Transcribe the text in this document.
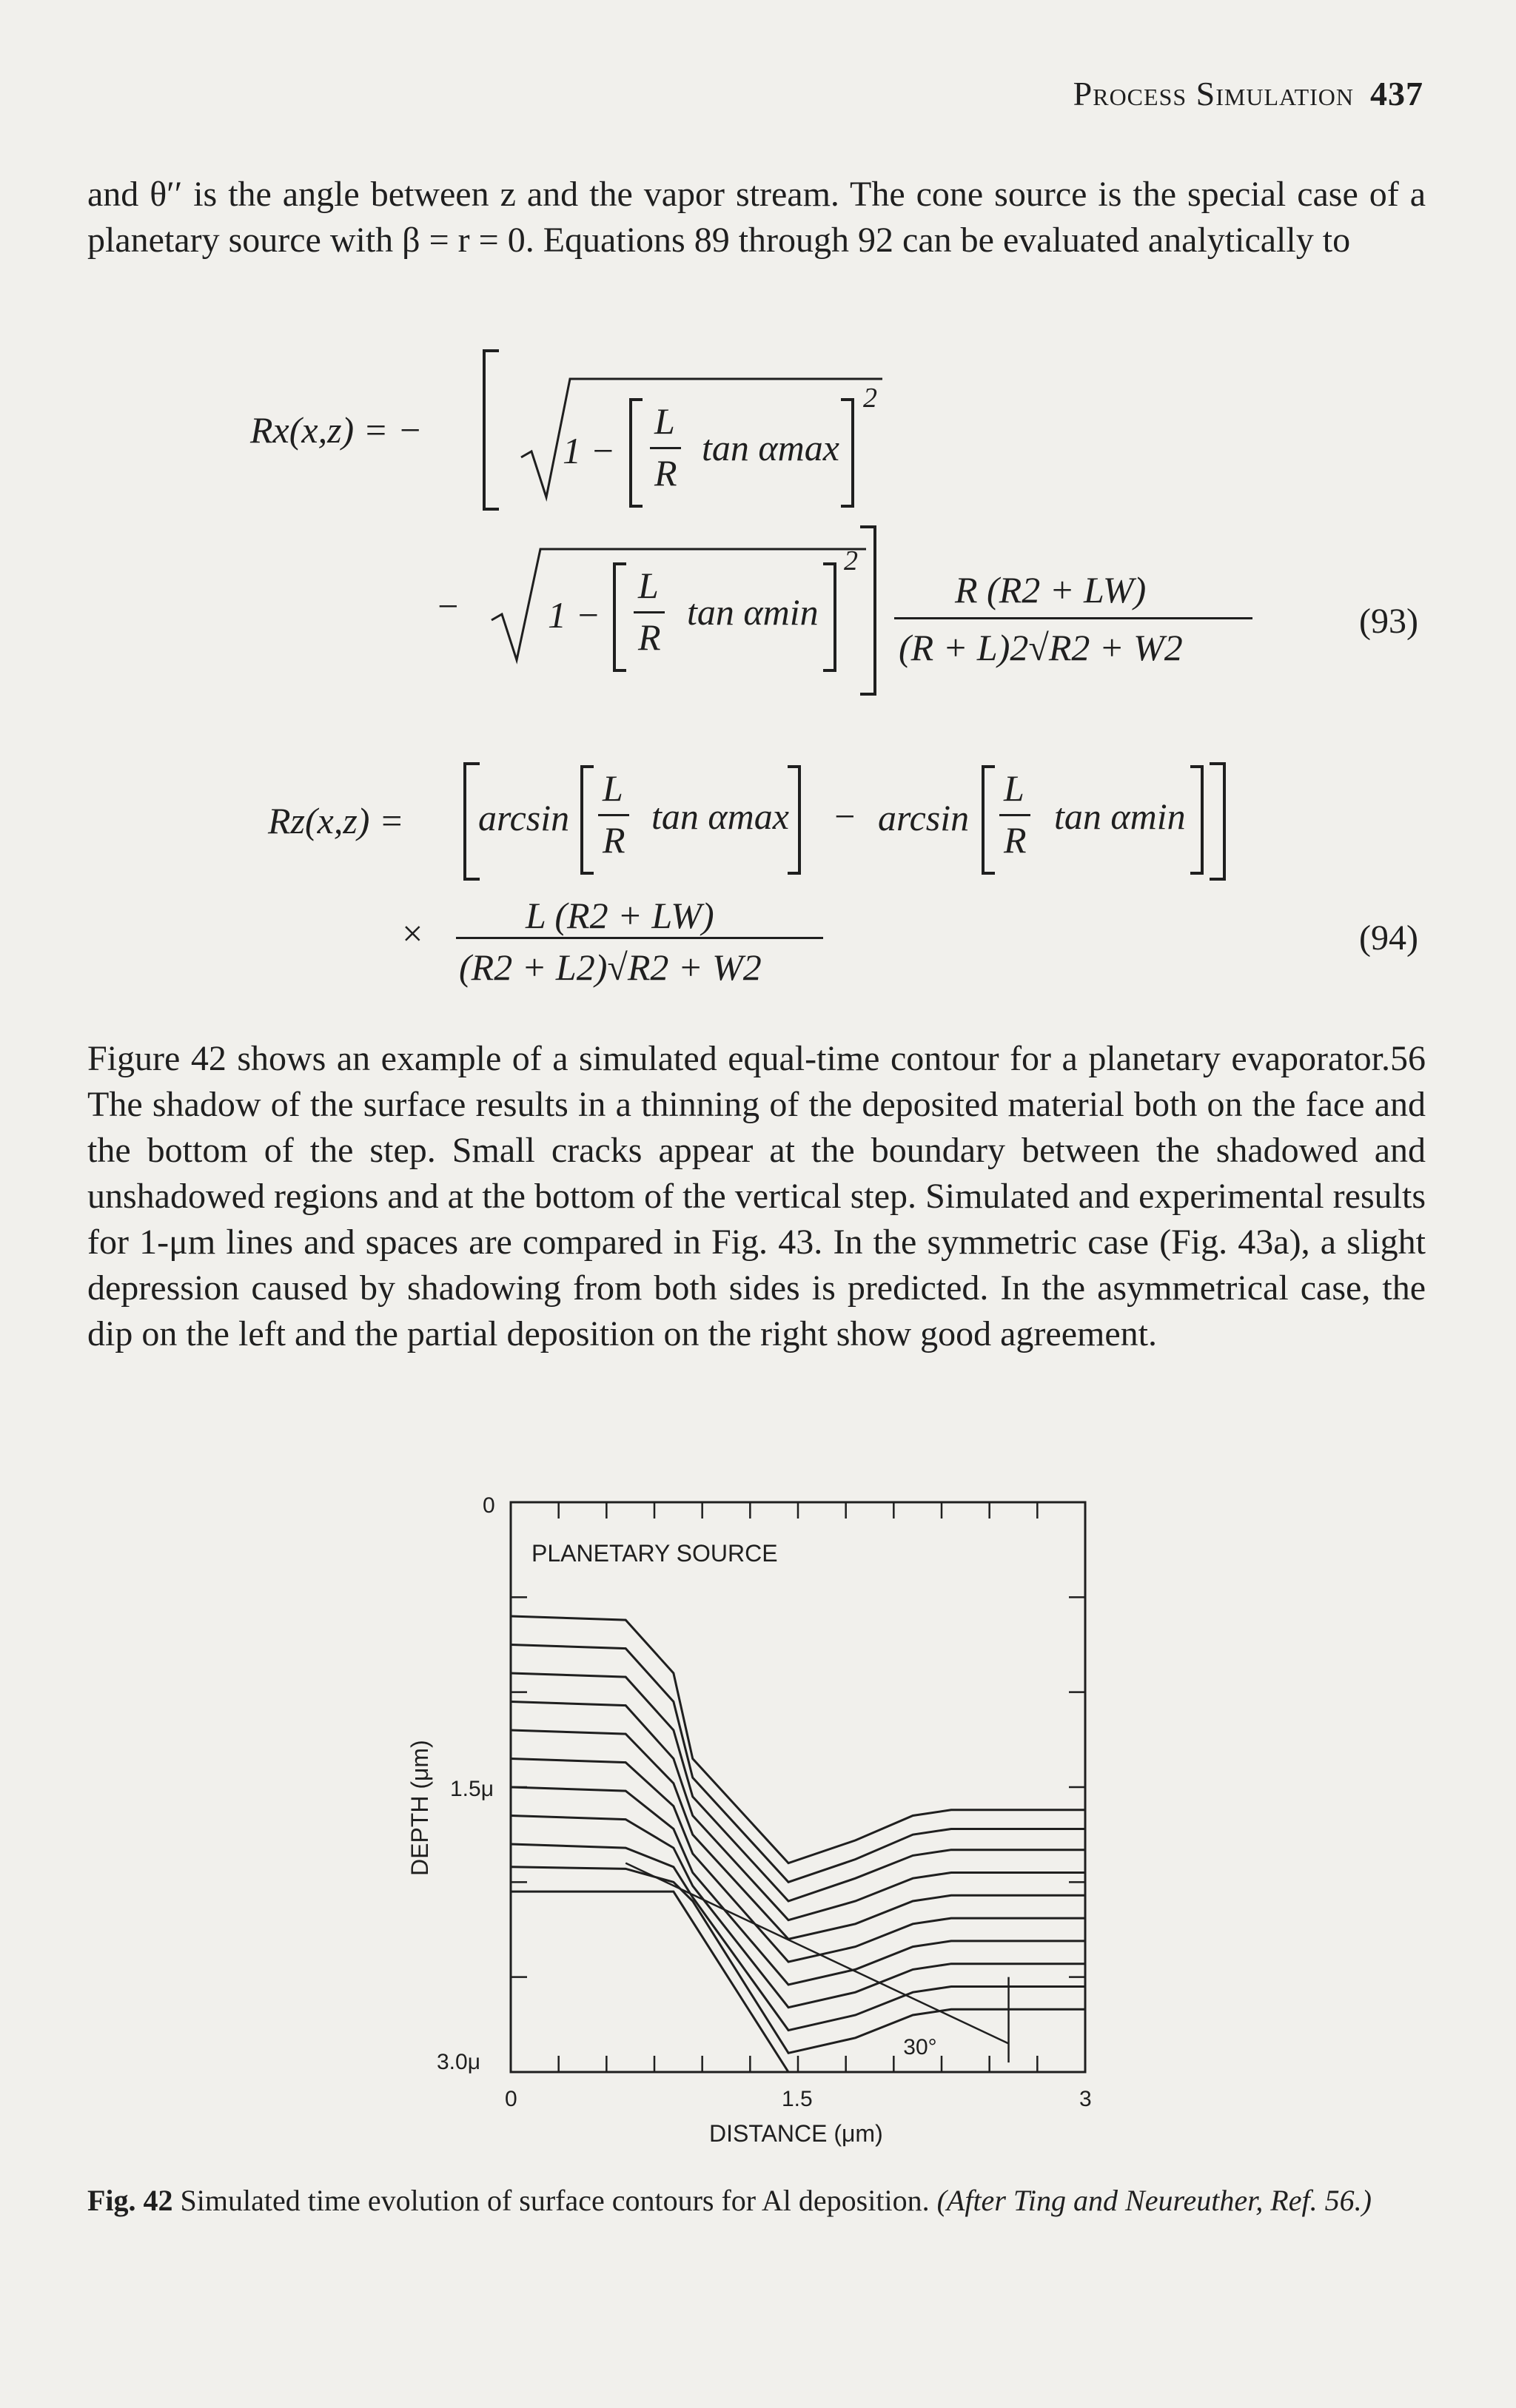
Process Simulation 437

and θ′′ is the angle between z and the vapor stream. The cone source is the special case of a planetary source with β = r = 0. Equations 89 through 92 can be evaluated analytically to

Rx(x,z) = −	1 −
L
R
tan αmax
2
− 1 −
L
R
tan αmin
2
R (R2 + LW)
(R + L)2√R2 + W2
(93)
Rz(x,z) = arcsin
L
R
tan αmax − arcsin
L
R
tan αmin
×	L (R2 + LW)
(R2 + L2)√R2 + W2
(94)

Figure 42 shows an example of a simulated equal-time contour for a planetary evaporator.56 The shadow of the surface results in a thinning of the deposited material both on the face and the bottom of the step. Small cracks appear at the boundary between the shadowed and unshadowed regions and at the bottom of the vertical step. Simulated and experimental results for 1-μm lines and spaces are compared in Fig. 43. In the symmetric case (Fig. 43a), a slight depression caused by shadowing from both sides is predicted. In the asymmetrical case, the dip on the left and the partial deposition on the right show good agreement.

PLANETARY SOURCE
0	1.5	3
0
1.5μ
3.0μ
30°
DISTANCE (μm)
DEPTH (μm)
Fig. 42 Simulated time evolution of surface contours for Al deposition. (After Ting and Neureuther, Ref. 56.)
